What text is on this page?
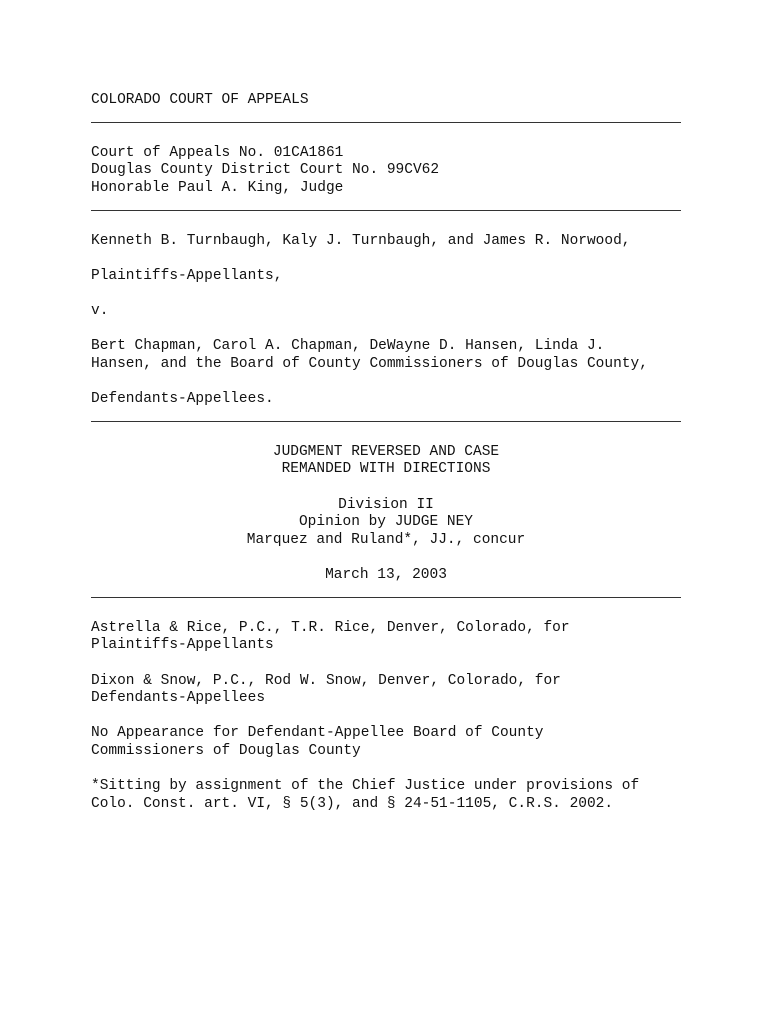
COLORADO COURT OF APPEALS
Court of Appeals No. 01CA1861
Douglas County District Court No. 99CV62
Honorable Paul A. King, Judge
Kenneth B. Turnbaugh, Kaly J. Turnbaugh, and James R. Norwood,
Plaintiffs-Appellants,
v.
Bert Chapman, Carol A. Chapman, DeWayne D. Hansen, Linda J.
Hansen, and the Board of County Commissioners of Douglas County,
Defendants-Appellees.
JUDGMENT REVERSED AND CASE
REMANDED WITH DIRECTIONS
Division II
Opinion by JUDGE NEY
Marquez and Ruland*, JJ., concur
March 13, 2003
Astrella & Rice, P.C., T.R. Rice, Denver, Colorado, for
Plaintiffs-Appellants
Dixon & Snow, P.C., Rod W. Snow, Denver, Colorado, for
Defendants-Appellees
No Appearance for Defendant-Appellee Board of County
Commissioners of Douglas County
*Sitting by assignment of the Chief Justice under provisions of
Colo. Const. art. VI, § 5(3), and § 24-51-1105, C.R.S. 2002.
